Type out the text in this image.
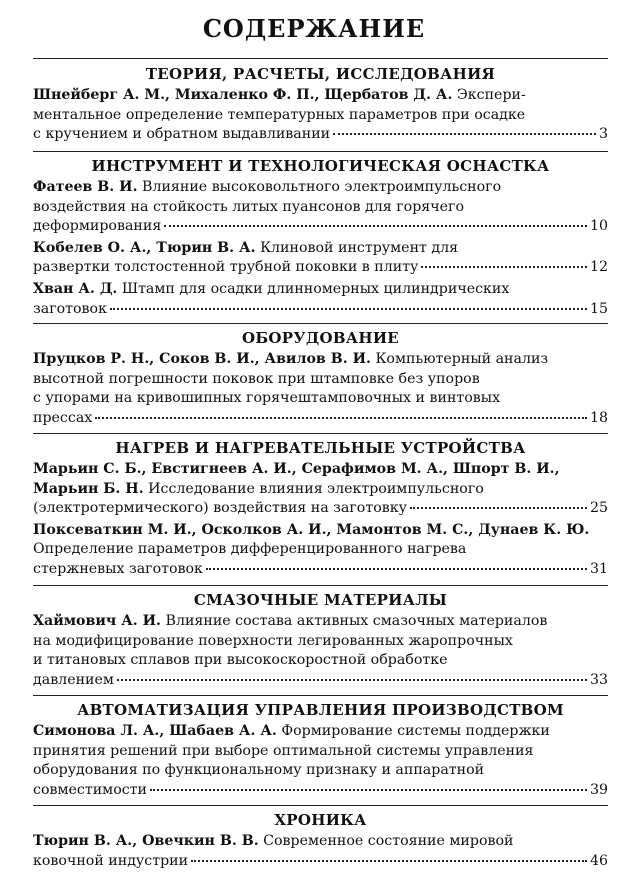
СОДЕРЖАНИЕ
ТЕОРИЯ, РАСЧЕТЫ, ИССЛЕДОВАНИЯ
Шнейберг А. М., Михаленко Ф. П., Щербатов Д. А. Экспери-
ментальное определение температурных параметров при осадке
с кручением и обратном выдавливании	3
ИНСТРУМЕНТ И ТЕХНОЛОГИЧЕСКАЯ ОСНАСТКА
Фатеев В. И. Влияние высоковольтного электроимпульсного
воздействия на стойкость литых пуансонов для горячего
деформирования	10
Кобелев О. А., Тюрин В. А. Клиновой инструмент для
развертки толстостенной трубной поковки в плиту	12
Хван А. Д. Штамп для осадки длинномерных цилиндрических
заготовок	15
ОБОРУДОВАНИЕ
Пруцков Р. Н., Соков В. И., Авилов В. И. Компьютерный анализ
высотной погрешности поковок при штамповке без упоров
с упорами на кривошипных горячештамповочных и винтовых
прессах	18
НАГРЕВ И НАГРЕВАТЕЛЬНЫЕ УСТРОЙСТВА
Марьин С. Б., Евстигнеев А. И., Серафимов М. А., Шпорт В. И.,
Марьин Б. Н. Исследование влияния электроимпульсного
(электротермического) воздействия на заготовку	25
Поксеваткин М. И., Осколков А. И., Мамонтов М. С., Дунаев К. Ю.
Определение параметров дифференцированного нагрева
стержневых заготовок	31
СМАЗОЧНЫЕ МАТЕРИАЛЫ
Хаймович А. И. Влияние состава активных смазочных материалов
на модифицирование поверхности легированных жаропрочных
и титановых сплавов при высокоскоростной обработке
давлением	33
АВТОМАТИЗАЦИЯ УПРАВЛЕНИЯ ПРОИЗВОДСТВОМ
Симонова Л. А., Шабаев А. А. Формирование системы поддержки
принятия решений при выборе оптимальной системы управления
оборудования по функциональному признаку и аппаратной
совместимости	39
ХРОНИКА
Тюрин В. А., Овечкин В. В. Современное состояние мировой
ковочной индустрии	46
